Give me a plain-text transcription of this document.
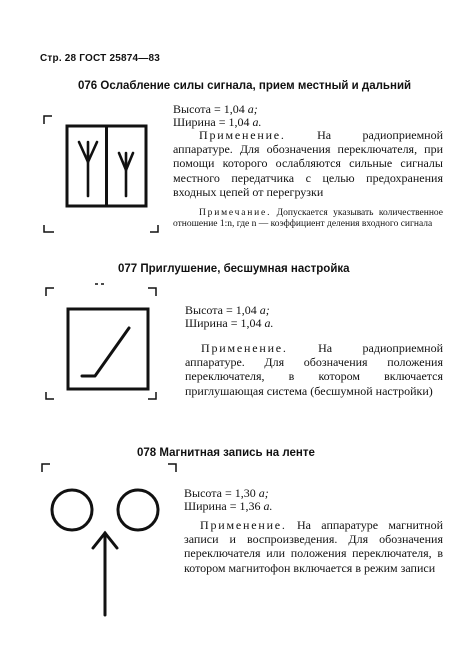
Стр. 28 ГОСТ 25874—83
076 Ослабление силы сигнала, прием местный и дальний
Высота = 1,04 a;
Ширина = 1,04 a.
Применение.	На радиоприемной аппаратуре. Для обозначения переключателя, при помощи которого ослабляются сильные сигналы местного передатчика с целью предохранения входных цепей от перегрузки
Примечание. Допускается указывать количественное отношение 1:n, где n — коэффициент деления входного сигнала
077 Приглушение, бесшумная настройка
Высота = 1,04 a;
Ширина = 1,04 a.
Применение.	На радиоприемной аппаратуре. Для обозначения положения переключателя, в котором включается приглушающая система (бесшумной настройки)
078 Магнитная запись на ленте
Высота = 1,30 a;
Ширина = 1,36 a.
Применение. На аппаратуре магнитной записи и воспроизведения. Для обозначения переключателя или положения переключателя, в котором магнитофон включается в режим записи
